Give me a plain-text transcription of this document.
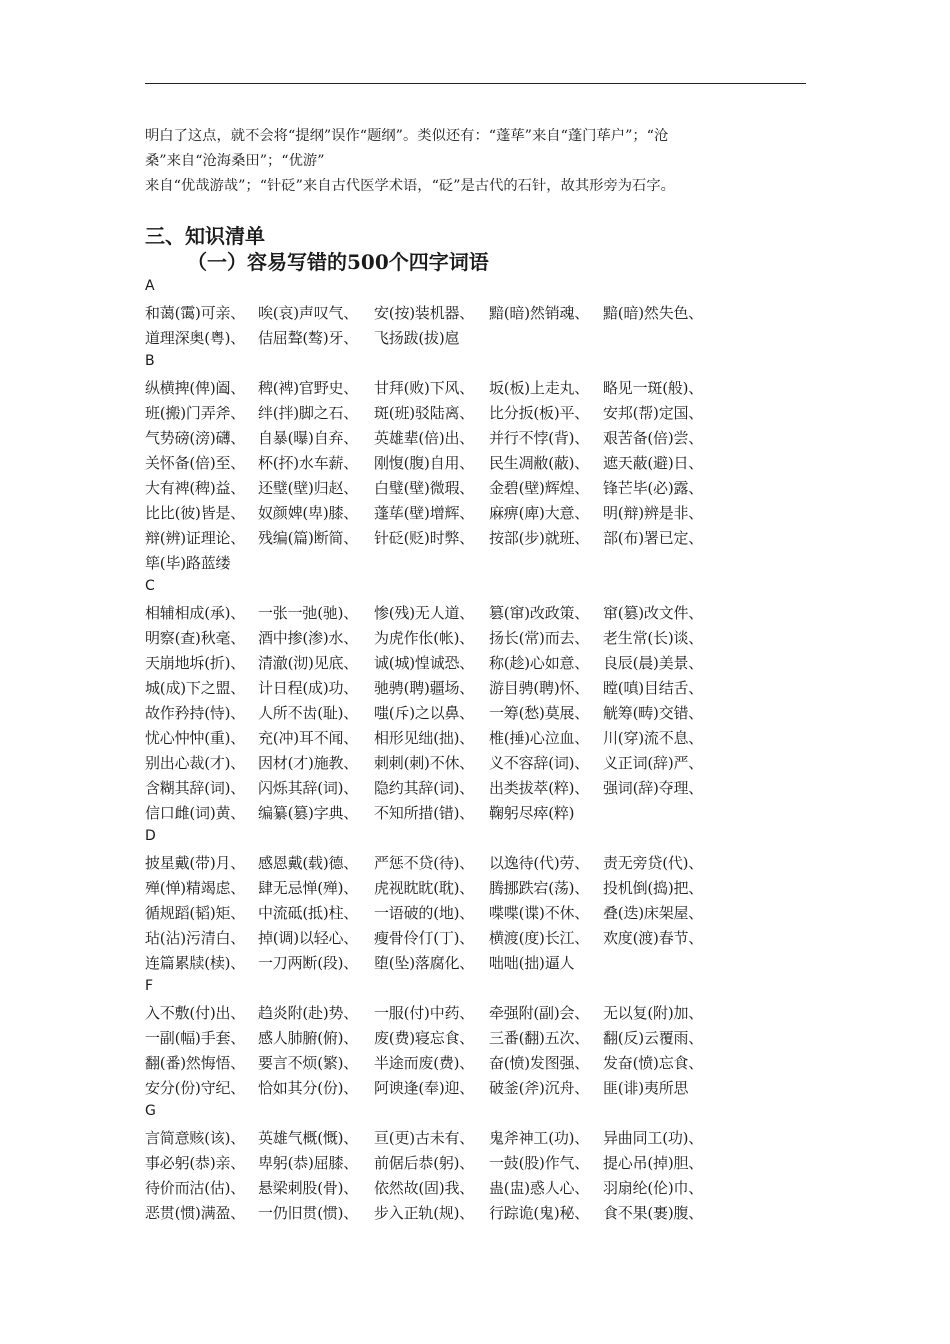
明白了这点，就不会将“提纲”误作“题纲”。类似还有：“蓬荜”来自“蓬门荜户”；“沧
桑”来自“沧海桑田”；“优游”
来自“优哉游哉”；“针砭”来自古代医学术语，“砭”是古代的石针，故其形旁为石字。
三、知识清单
（一）容易写错的500个四字词语
A
和蔼(霭)可亲、 唉(哀)声叹气、 安(按)装机器、 黯(暗)然销魂、 黯(暗)然失色、
道理深奥(粤)、 佶屈聱(骜)牙、 飞扬跋(拔)扈
B
纵横捭(俾)阖、 稗(裨)官野史、 甘拜(败)下风、 坂(板)上走丸、 略见一斑(般)、
班(搬)门弄斧、 绊(拌)脚之石、 斑(班)驳陆离、 比分扳(板)平、 安邦(帮)定国、
气势磅(滂)礴、 自暴(曝)自弃、 英雄辈(倍)出、 并行不悖(背)、 艰苦备(倍)尝、
关怀备(倍)至、 杯(抔)水车薪、 刚愎(腹)自用、 民生凋敝(蔽)、 遮天蔽(避)日、
大有裨(稗)益、 还璧(壁)归赵、 白璧(壁)微瑕、 金碧(壁)辉煌、 锋芒毕(必)露、
比比(彼)皆是、 奴颜婢(卑)膝、 蓬荜(壁)增辉、 麻痹(庳)大意、 明(辩)辨是非、
辩(辨)证理论、 残编(篇)断简、 针砭(贬)时弊、 按部(步)就班、 部(布)署已定、
筚(毕)路蓝缕
C
相辅相成(承)、 一张一弛(驰)、 惨(残)无人道、 篡(窜)改政策、 窜(篡)改文件、
明察(查)秋毫、 酒中掺(渗)水、 为虎作伥(帐)、 扬长(常)而去、 老生常(长)谈、
天崩地坼(折)、 清澈(沏)见底、 诚(城)惶诚恐、 称(趁)心如意、 良辰(晨)美景、
城(成)下之盟、 计日程(成)功、 驰骋(聘)疆场、 游目骋(聘)怀、 瞠(嗔)目结舌、
故作矜持(恃)、 人所不齿(耻)、 嗤(斥)之以鼻、 一筹(愁)莫展、 觥筹(畴)交错、
忧心忡忡(重)、 充(冲)耳不闻、 相形见绌(拙)、 椎(捶)心泣血、 川(穿)流不息、
别出心裁(才)、 因材(才)施教、 刺刺(刺)不休、 义不容辞(词)、 义正词(辞)严、
含糊其辞(词)、 闪烁其辞(词)、 隐约其辞(词)、 出类拔萃(粹)、 强词(辞)夺理、
信口雌(词)黄、 编纂(篡)字典、 不知所措(错)、 鞠躬尽瘁(粹)
D
披星戴(带)月、 感恩戴(载)德、 严惩不贷(待)、 以逸待(代)劳、 责无旁贷(代)、
殚(惮)精竭虑、 肆无忌惮(殚)、 虎视眈眈(耽)、 腾挪跌宕(荡)、 投机倒(捣)把、
循规蹈(韬)矩、 中流砥(抵)柱、 一语破的(地)、 喋喋(谍)不休、 叠(迭)床架屋、
玷(沾)污清白、 掉(调)以轻心、 瘦骨伶仃(丁)、 横渡(度)长江、 欢度(渡)春节、
连篇累牍(椟)、 一刀两断(段)、 堕(坠)落腐化、 咄咄(拙)逼人
F
入不敷(付)出、 趋炎附(赴)势、 一服(付)中药、 牵强附(副)会、 无以复(附)加、
一副(幅)手套、 感人肺腑(俯)、 废(费)寝忘食、 三番(翻)五次、 翻(反)云覆雨、
翻(番)然悔悟、 要言不烦(繁)、 半途而废(费)、 奋(愤)发图强、 发奋(愤)忘食、
安分(份)守纪、 恰如其分(份)、 阿谀逢(奉)迎、 破釜(斧)沉舟、 匪(诽)夷所思
G
言简意赅(该)、 英雄气概(慨)、 亘(更)古未有、 鬼斧神工(功)、 异曲同工(功)、
事必躬(恭)亲、 卑躬(恭)屈膝、 前倨后恭(躬)、 一鼓(股)作气、 提心吊(掉)胆、
待价而沽(估)、 悬梁刺股(骨)、 依然故(固)我、 蛊(盅)惑人心、 羽扇纶(伦)巾、
恶贯(惯)满盈、 一仍旧贯(惯)、 步入正轨(规)、 行踪诡(鬼)秘、 食不果(裹)腹、
